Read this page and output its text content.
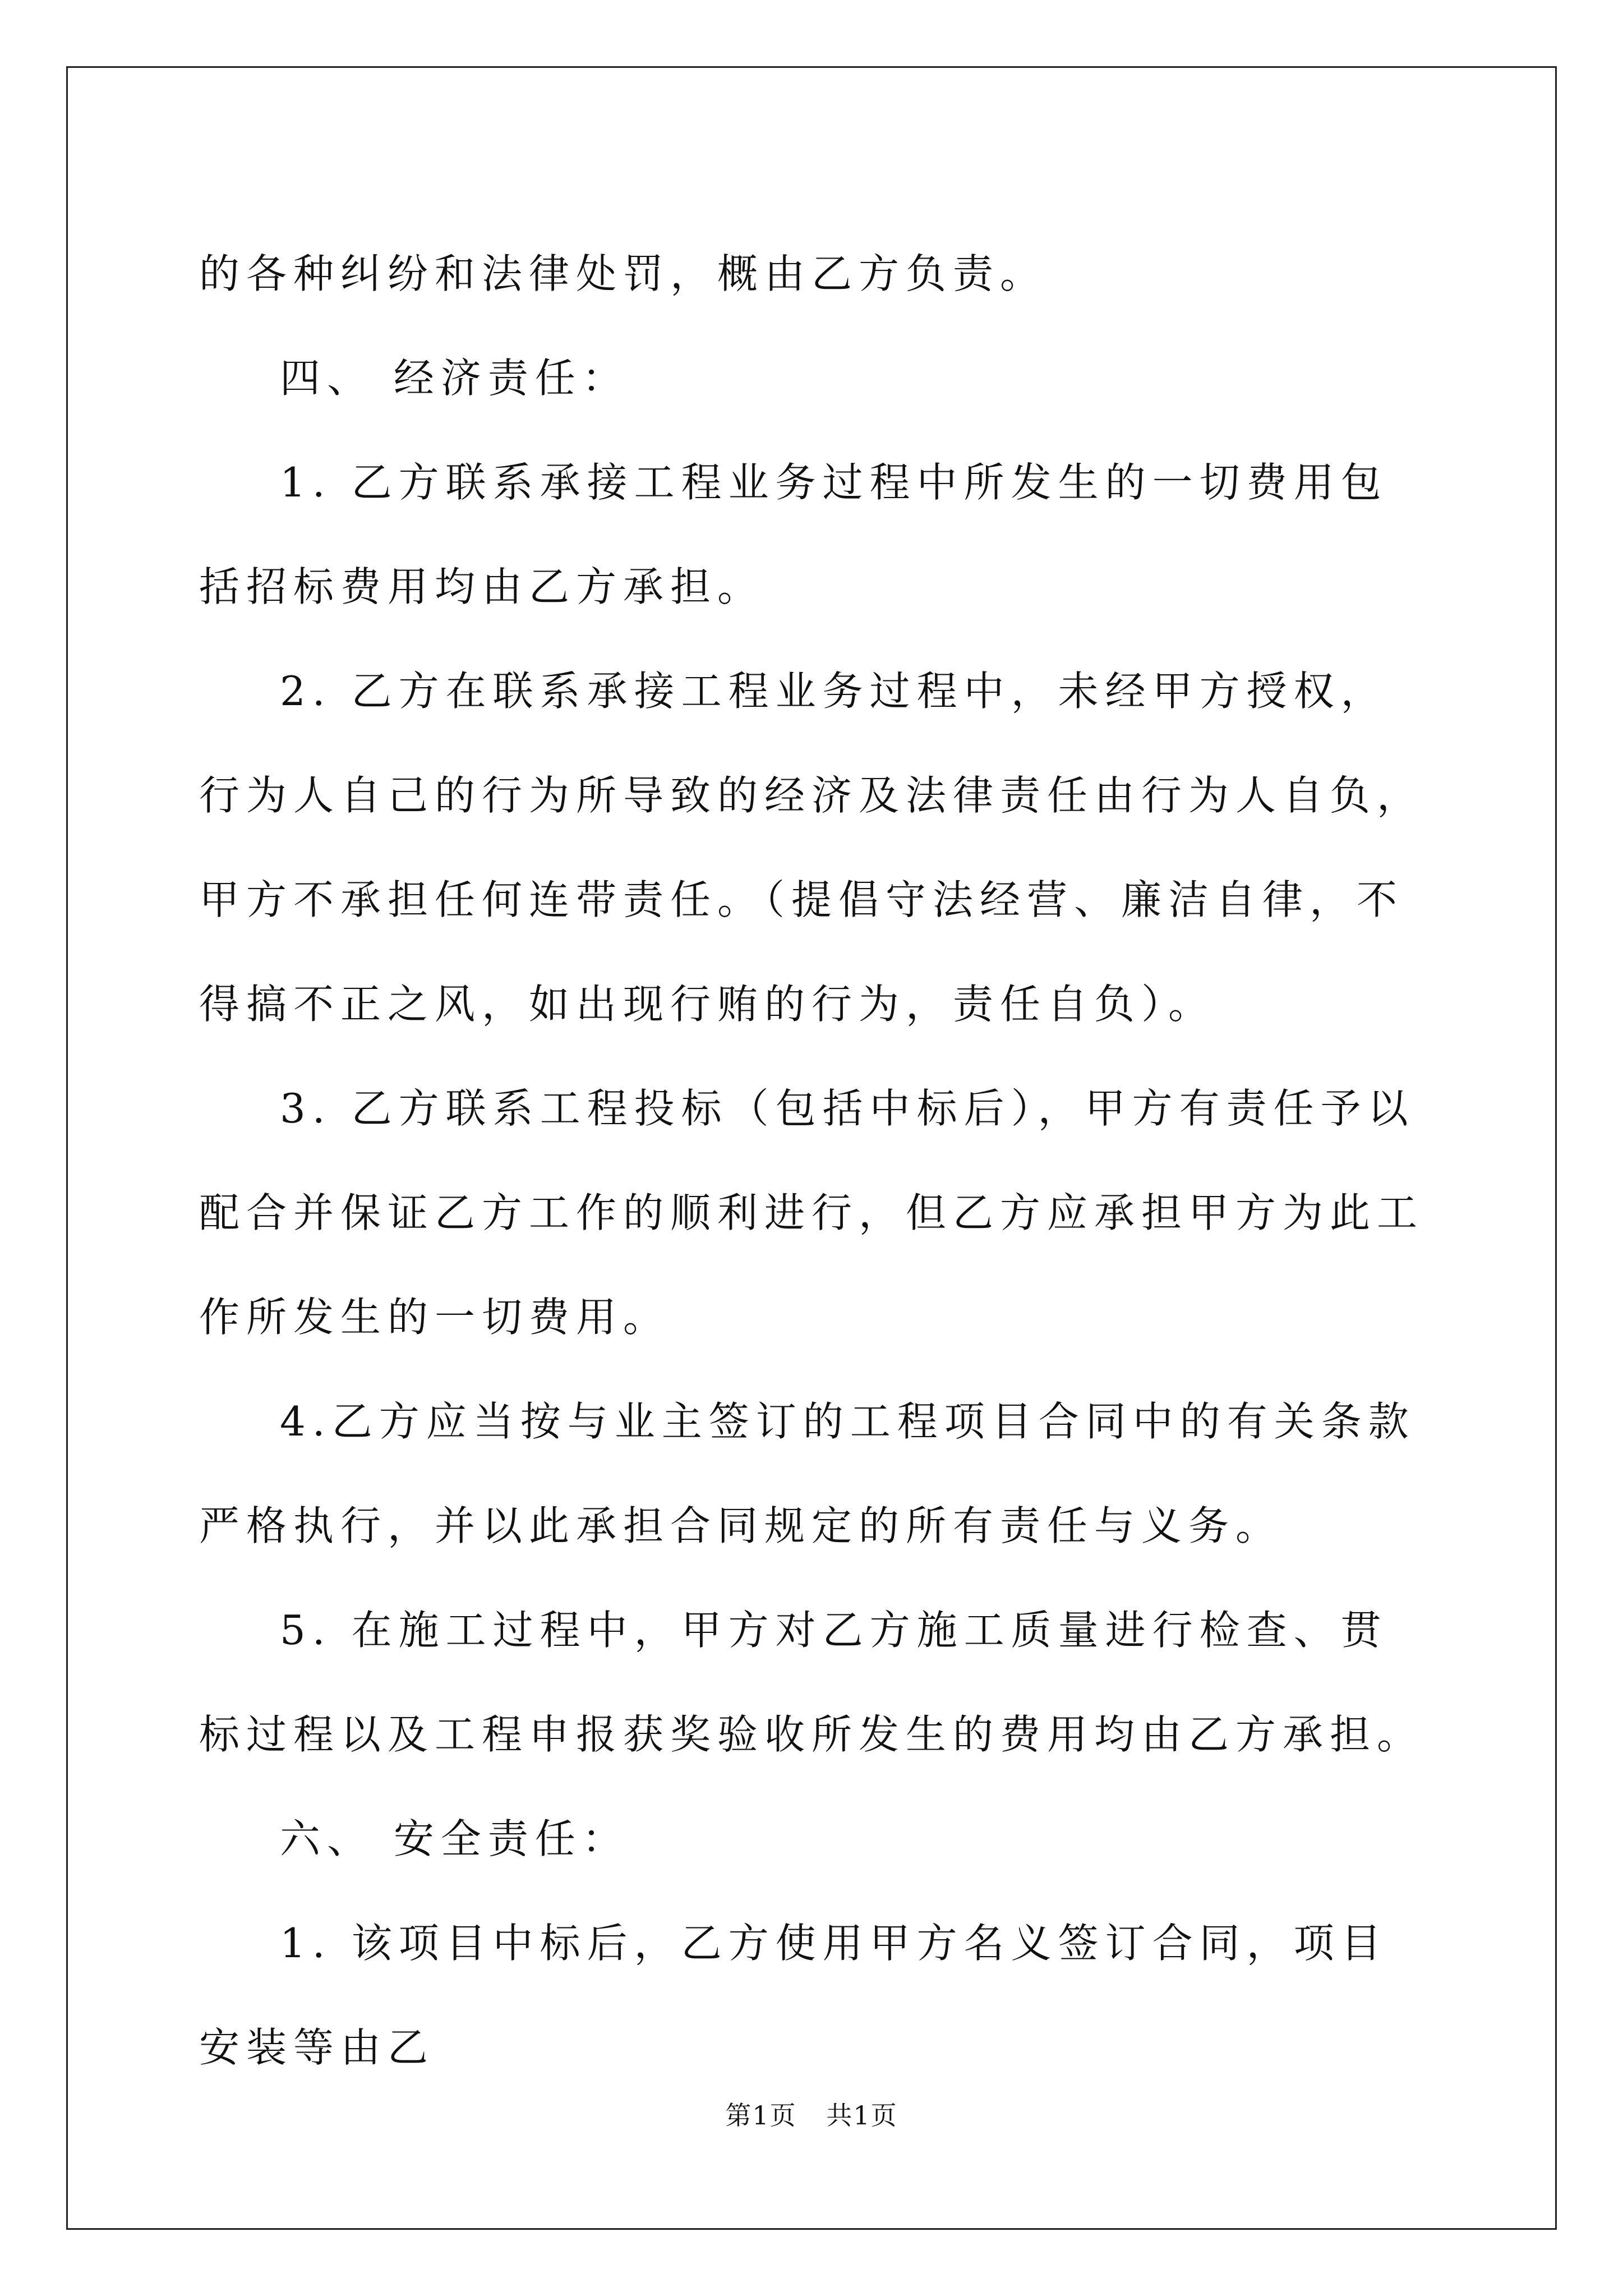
的各种纠纷和法律处罚，概由乙方负责。

四、 经济责任：

1. 乙方联系承接工程业务过程中所发生的一切费用包括招标费用均由乙方承担。

2. 乙方在联系承接工程业务过程中，未经甲方授权，行为人自己的行为所导致的经济及法律责任由行为人自负，甲方不承担任何连带责任。（提倡守法经营、廉洁自律，不得搞不正之风，如出现行贿的行为，责任自负）。

3. 乙方联系工程投标（包括中标后），甲方有责任予以配合并保证乙方工作的顺利进行，但乙方应承担甲方为此工作所发生的一切费用。

4.乙方应当按与业主签订的工程项目合同中的有关条款严格执行，并以此承担合同规定的所有责任与义务。

5. 在施工过程中，甲方对乙方施工质量进行检查、贯标过程以及工程申报获奖验收所发生的费用均由乙方承担。

六、 安全责任：

1. 该项目中标后，乙方使用甲方名义签订合同，项目安装等由乙

第1页 共1页
